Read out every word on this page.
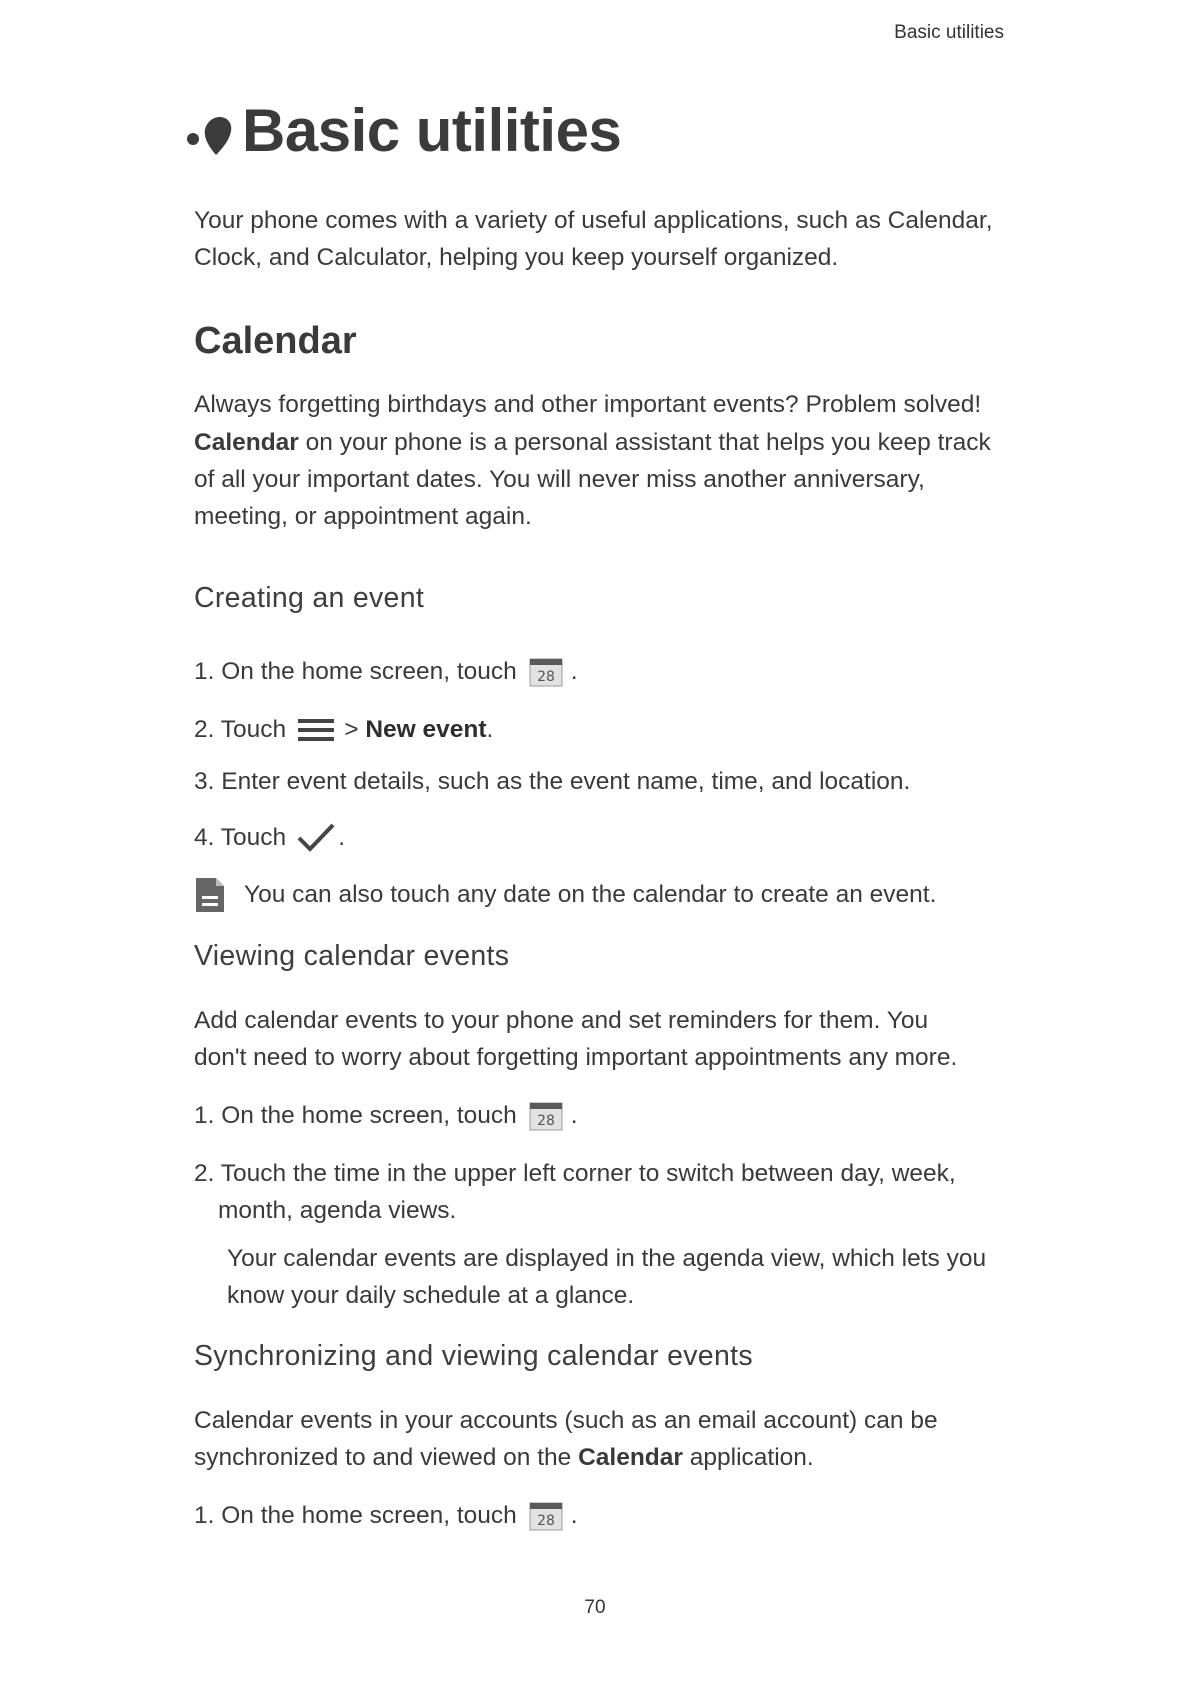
Basic utilities
Basic utilities
Your phone comes with a variety of useful applications, such as Calendar, Clock, and Calculator, helping you keep yourself organized.
Calendar
Always forgetting birthdays and other important events? Problem solved!
Calendar on your phone is a personal assistant that helps you keep track of all your important dates. You will never miss another anniversary, meeting, or appointment again.
Creating an event
1. On the home screen, touch 28 .
2. Touch > New event .
3. Enter event details, such as the event name, time, and location.
4. Touch .
You can also touch any date on the calendar to create an event.
Viewing calendar events
Add calendar events to your phone and set reminders for them. You don't need to worry about forgetting important appointments any more.
1. On the home screen, touch 28 .
2. Touch the time in the upper left corner to switch between day, week,
month, agenda views.
Your calendar events are displayed in the agenda view, which lets you know your daily schedule at a glance.
Synchronizing and viewing calendar events
Calendar events in your accounts (such as an email account) can be synchronized to and viewed on the Calendar application.
1. On the home screen, touch 28 .
70
